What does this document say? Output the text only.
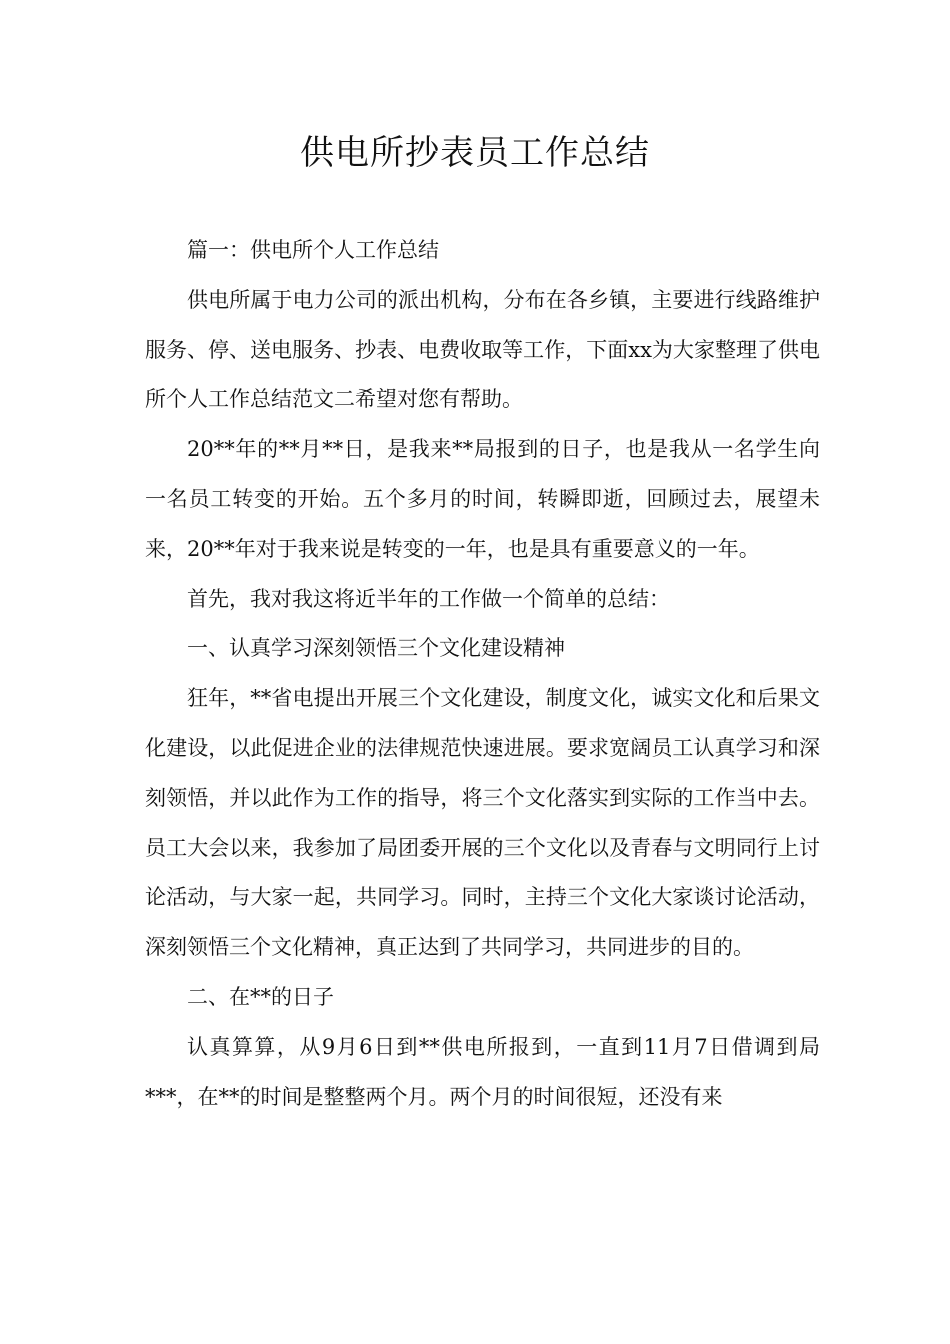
供电所抄表员工作总结

篇一：供电所个人工作总结

供电所属于电力公司的派出机构，分布在各乡镇，主要进行线路维护服务、停、送电服务、抄表、电费收取等工作，下面xx为大家整理了供电所个人工作总结范文二希望对您有帮助。

20**年的**月**日，是我来**局报到的日子，也是我从一名学生向一名员工转变的开始。五个多月的时间，转瞬即逝，回顾过去，展望未来，20**年对于我来说是转变的一年，也是具有重要意义的一年。

首先，我对我这将近半年的工作做一个简单的总结：

一、认真学习深刻领悟三个文化建设精神

狂年，**省电提出开展三个文化建设，制度文化，诚实文化和后果文化建设，以此促进企业的法律规范快速进展。要求宽阔员工认真学习和深刻领悟，并以此作为工作的指导，将三个文化落实到实际的工作当中去。员工大会以来，我参加了局团委开展的三个文化以及青春与文明同行上讨论活动，与大家一起，共同学习。同时，主持三个文化大家谈讨论活动，深刻领悟三个文化精神，真正达到了共同学习，共同进步的目的。

二、在**的日子

认真算算，从9月6日到**供电所报到，一直到11月7日借调到局***，在**的时间是整整两个月。两个月的时间很短，还没有来
